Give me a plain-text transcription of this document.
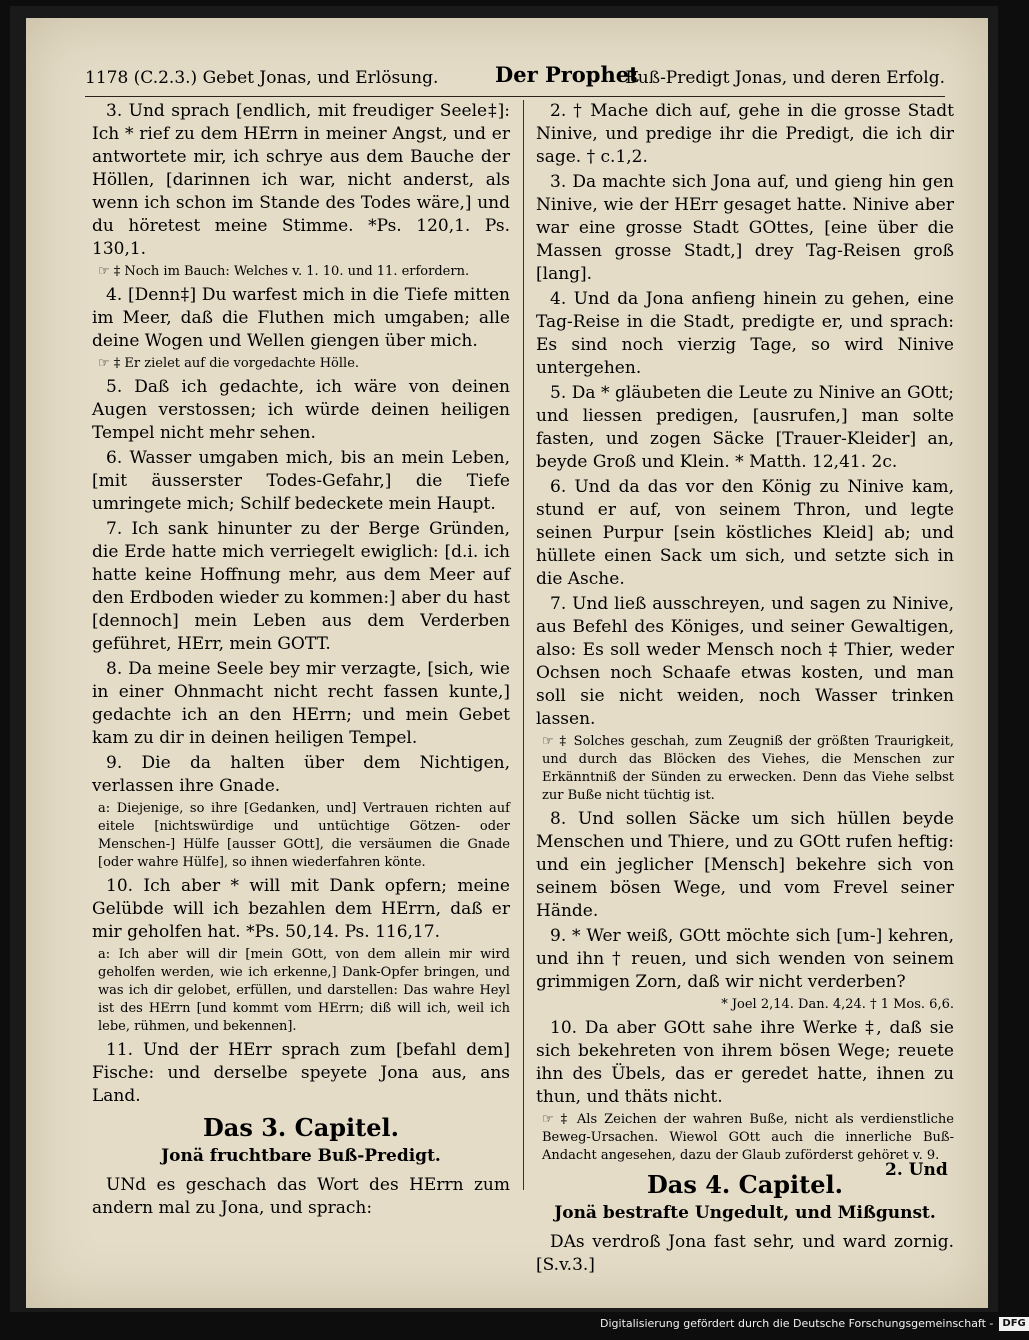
1178 (C.2.3.) Gebet Jonas, und Erlösung.	Der Prophet
Buß-Predigt Jonas, und deren Erfolg.

3. Und sprach [endlich, mit freudiger Seele‡]: Ich * rief zu dem HErrn in meiner Angst, und er antwortete mir, ich schrye aus dem Bauche der Höllen, [darinnen ich war, nicht anderst, als wenn ich schon im Stande des Todes wäre,] und du höretest meine Stimme. *Ps. 120,1. Ps. 130,1.

☞ ‡ Noch im Bauch: Welches v. 1. 10. und 11. erfordern.

4. [Denn‡] Du warfest mich in die Tiefe mitten im Meer, daß die Fluthen mich umgaben; alle deine Wogen und Wellen giengen über mich.

☞ ‡ Er zielet auf die vorgedachte Hölle.

5. Daß ich gedachte, ich wäre von deinen Augen verstossen; ich würde deinen heiligen Tempel nicht mehr sehen.

6. Wasser umgaben mich, bis an mein Leben, [mit äusserster Todes-Gefahr,] die Tiefe umringete mich; Schilf bedeckete mein Haupt.

7. Ich sank hinunter zu der Berge Gründen, die Erde hatte mich verriegelt ewiglich: [d.i. ich hatte keine Hoffnung mehr, aus dem Meer auf den Erdboden wieder zu kommen:] aber du hast [dennoch] mein Leben aus dem Verderben geführet, HErr, mein GOTT.

8. Da meine Seele bey mir verzagte, [sich, wie in einer Ohnmacht nicht recht fassen kunte,] gedachte ich an den HErrn; und mein Gebet kam zu dir in deinen heiligen Tempel.

9. Die da halten über dem Nichtigen, verlassen ihre Gnade.

a: Diejenige, so ihre [Gedanken, und] Vertrauen richten auf eitele [nichtswürdige und untüchtige Götzen- oder Menschen-] Hülfe [ausser GOtt], die versäumen die Gnade [oder wahre Hülfe], so ihnen wiederfahren könte.

10. Ich aber * will mit Dank opfern; meine Gelübde will ich bezahlen dem HErrn, daß er mir geholfen hat. *Ps. 50,14. Ps. 116,17.

a: Ich aber will dir [mein GOtt, von dem allein mir wird geholfen werden, wie ich erkenne,] Dank-Opfer bringen, und was ich dir gelobet, erfüllen, und darstellen: Das wahre Heyl ist des HErrn [und kommt vom HErrn; diß will ich, weil ich lebe, rühmen, und bekennen].

11. Und der HErr sprach zum [befahl dem] Fische: und derselbe speyete Jona aus, ans Land.

Das 3. Capitel.

Jonä fruchtbare Buß-Predigt.

UNd es geschach das Wort des HErrn zum andern mal zu Jona, und sprach:

2. † Mache dich auf, gehe in die grosse Stadt Ninive, und predige ihr die Predigt, die ich dir sage. † c.1,2.

3. Da machte sich Jona auf, und gieng hin gen Ninive, wie der HErr gesaget hatte. Ninive aber war eine grosse Stadt GOttes, [eine über die Massen grosse Stadt,] drey Tag-Reisen groß [lang].

4. Und da Jona anfieng hinein zu gehen, eine Tag-Reise in die Stadt, predigte er, und sprach: Es sind noch vierzig Tage, so wird Ninive untergehen.

5. Da * gläubeten die Leute zu Ninive an GOtt; und liessen predigen, [ausrufen,] man solte fasten, und zogen Säcke [Trauer-Kleider] an, beyde Groß und Klein. * Matth. 12,41. 2c.

6. Und da das vor den König zu Ninive kam, stund er auf, von seinem Thron, und legte seinen Purpur [sein köstliches Kleid] ab; und hüllete einen Sack um sich, und setzte sich in die Asche.

7. Und ließ ausschreyen, und sagen zu Ninive, aus Befehl des Königes, und seiner Gewaltigen, also: Es soll weder Mensch noch ‡ Thier, weder Ochsen noch Schaafe etwas kosten, und man soll sie nicht weiden, noch Wasser trinken lassen.

☞ ‡ Solches geschah, zum Zeugniß der größten Traurigkeit, und durch das Blöcken des Viehes, die Menschen zur Erkänntniß der Sünden zu erwecken. Denn das Viehe selbst zur Buße nicht tüchtig ist.

8. Und sollen Säcke um sich hüllen beyde Menschen und Thiere, und zu GOtt rufen heftig: und ein jeglicher [Mensch] bekehre sich von seinem bösen Wege, und vom Frevel seiner Hände.

9. * Wer weiß, GOtt möchte sich [um-] kehren, und ihn † reuen, und sich wenden von seinem grimmigen Zorn, daß wir nicht verderben?

* Joel 2,14. Dan. 4,24. † 1 Mos. 6,6.

10. Da aber GOtt sahe ihre Werke ‡, daß sie sich bekehreten von ihrem bösen Wege; reuete ihn des Übels, das er geredet hatte, ihnen zu thun, und thäts nicht.

☞ ‡ Als Zeichen der wahren Buße, nicht als verdienstliche Beweg-Ursachen. Wiewol GOtt auch die innerliche Buß-Andacht angesehen, dazu der Glaub zuförderst gehöret v. 9.

Das 4. Capitel.

Jonä bestrafte Ungedult, und Mißgunst.

DAs verdroß Jona fast sehr, und ward zornig. [S.v.3.]

2. Und
Digitalisierung gefördert durch die Deutsche Forschungsgemeinschaft - DFG
